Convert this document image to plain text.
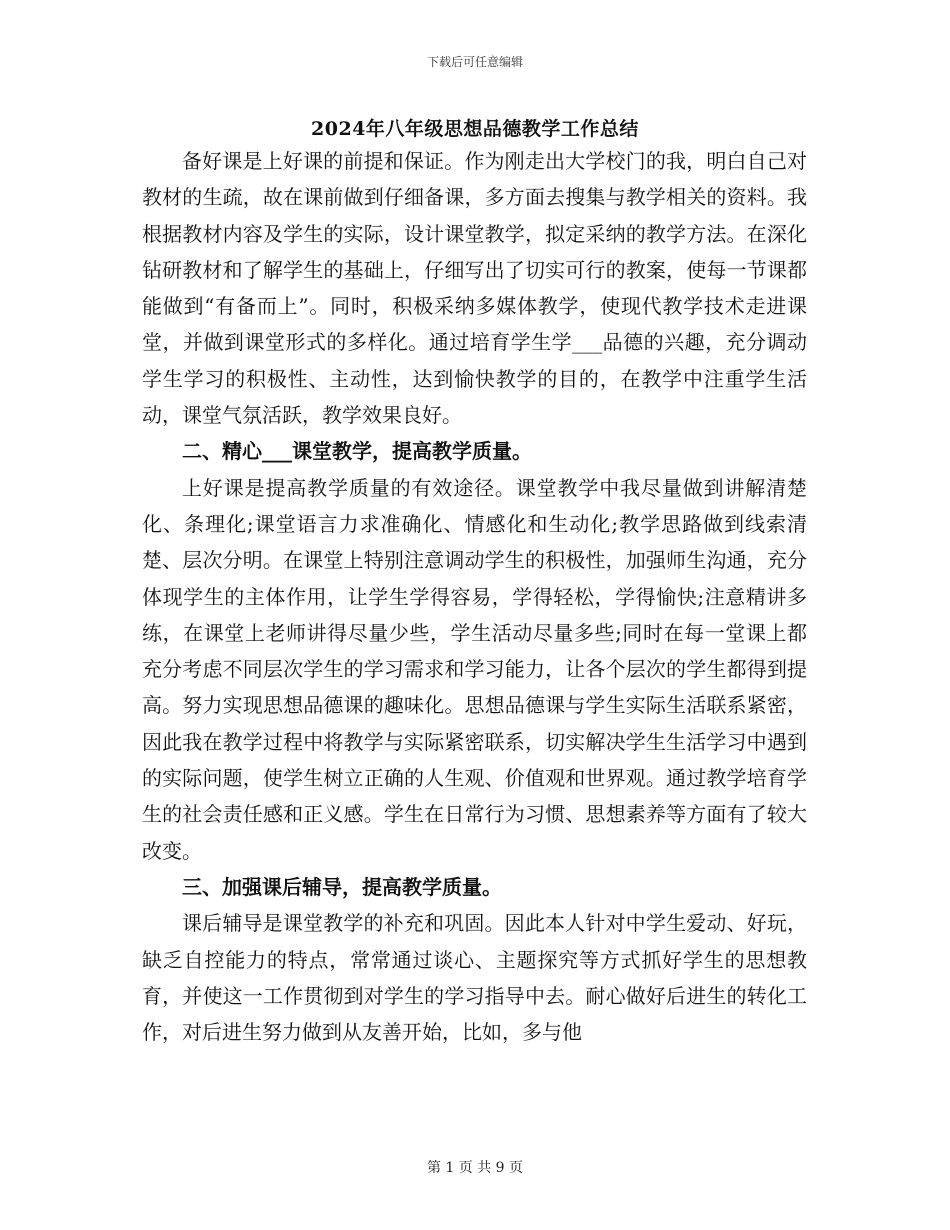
下载后可任意编辑
2024年八年级思想品德教学工作总结

备好课是上好课的前提和保证。作为刚走出大学校门的我，明白自己对教材的生疏，故在课前做到仔细备课，多方面去搜集与教学相关的资料。我根据教材内容及学生的实际，设计课堂教学，拟定采纳的教学方法。在深化钻研教材和了解学生的基础上，仔细写出了切实可行的教案，使每一节课都能做到“有备而上”。同时，积极采纳多媒体教学，使现代教学技术走进课堂，并做到课堂形式的多样化。通过培育学生学___品德的兴趣，充分调动学生学习的积极性、主动性，达到愉快教学的目的，在教学中注重学生活动，课堂气氛活跃，教学效果良好。

二、精心___课堂教学，提高教学质量。

上好课是提高教学质量的有效途径。课堂教学中我尽量做到讲解清楚化、条理化;课堂语言力求准确化、情感化和生动化;教学思路做到线索清楚、层次分明。在课堂上特别注意调动学生的积极性，加强师生沟通，充分体现学生的主体作用，让学生学得容易，学得轻松，学得愉快;注意精讲多练，在课堂上老师讲得尽量少些，学生活动尽量多些;同时在每一堂课上都充分考虑不同层次学生的学习需求和学习能力，让各个层次的学生都得到提高。努力实现思想品德课的趣味化。思想品德课与学生实际生活联系紧密，因此我在教学过程中将教学与实际紧密联系，切实解决学生生活学习中遇到的实际问题，使学生树立正确的人生观、价值观和世界观。通过教学培育学生的社会责任感和正义感。学生在日常行为习惯、思想素养等方面有了较大改变。

三、加强课后辅导，提高教学质量。

课后辅导是课堂教学的补充和巩固。因此本人针对中学生爱动、好玩，缺乏自控能力的特点，常常通过谈心、主题探究等方式抓好学生的思想教育，并使这一工作贯彻到对学生的学习指导中去。耐心做好后进生的转化工作，对后进生努力做到从友善开始，比如，多与他

第 1 页 共 9 页
